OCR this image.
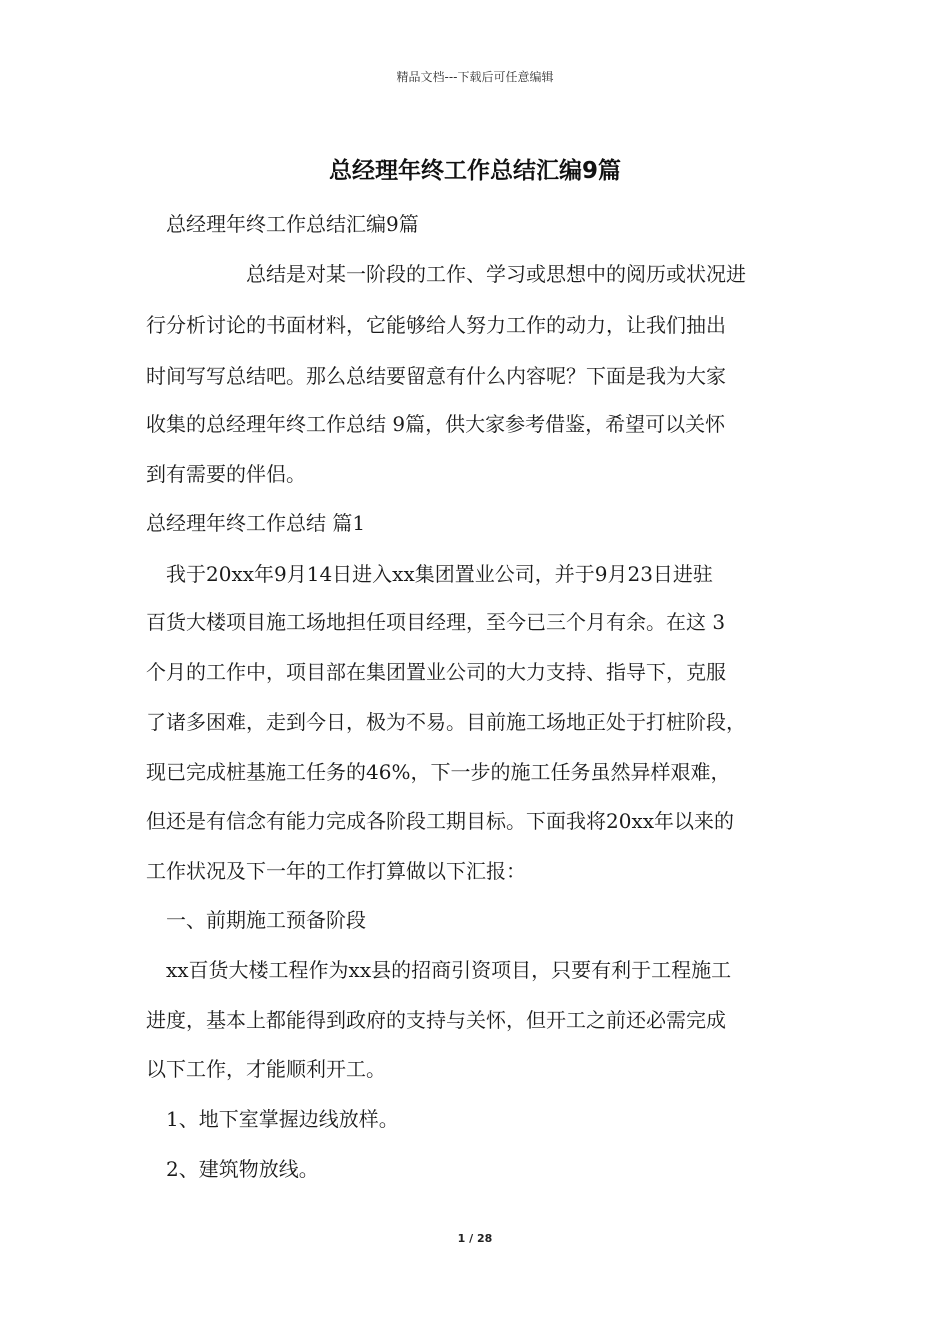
精品文档---下载后可任意编辑
总经理年终工作总结汇编9篇
总经理年终工作总结汇编9篇
总结是对某一阶段的工作、学习或思想中的阅历或状况进
行分析讨论的书面材料，它能够给人努力工作的动力，让我们抽出
时间写写总结吧。那么总结要留意有什么内容呢？下面是我为大家
收集的总经理年终工作总结 9篇，供大家参考借鉴，希望可以关怀
到有需要的伴侣。
总经理年终工作总结 篇1
我于20xx年9月14日进入xx集团置业公司，并于9月23日进驻
百货大楼项目施工场地担任项目经理，至今已三个月有余。在这 3
个月的工作中，项目部在集团置业公司的大力支持、指导下，克服
了诸多困难，走到今日，极为不易。目前施工场地正处于打桩阶段，
现已完成桩基施工任务的46%，下一步的施工任务虽然异样艰难，
但还是有信念有能力完成各阶段工期目标。下面我将20xx年以来的
工作状况及下一年的工作打算做以下汇报：
一、前期施工预备阶段
xx百货大楼工程作为xx县的招商引资项目，只要有利于工程施工
进度，基本上都能得到政府的支持与关怀，但开工之前还必需完成
以下工作，才能顺利开工。
1、地下室掌握边线放样。
2、建筑物放线。
1 / 28
